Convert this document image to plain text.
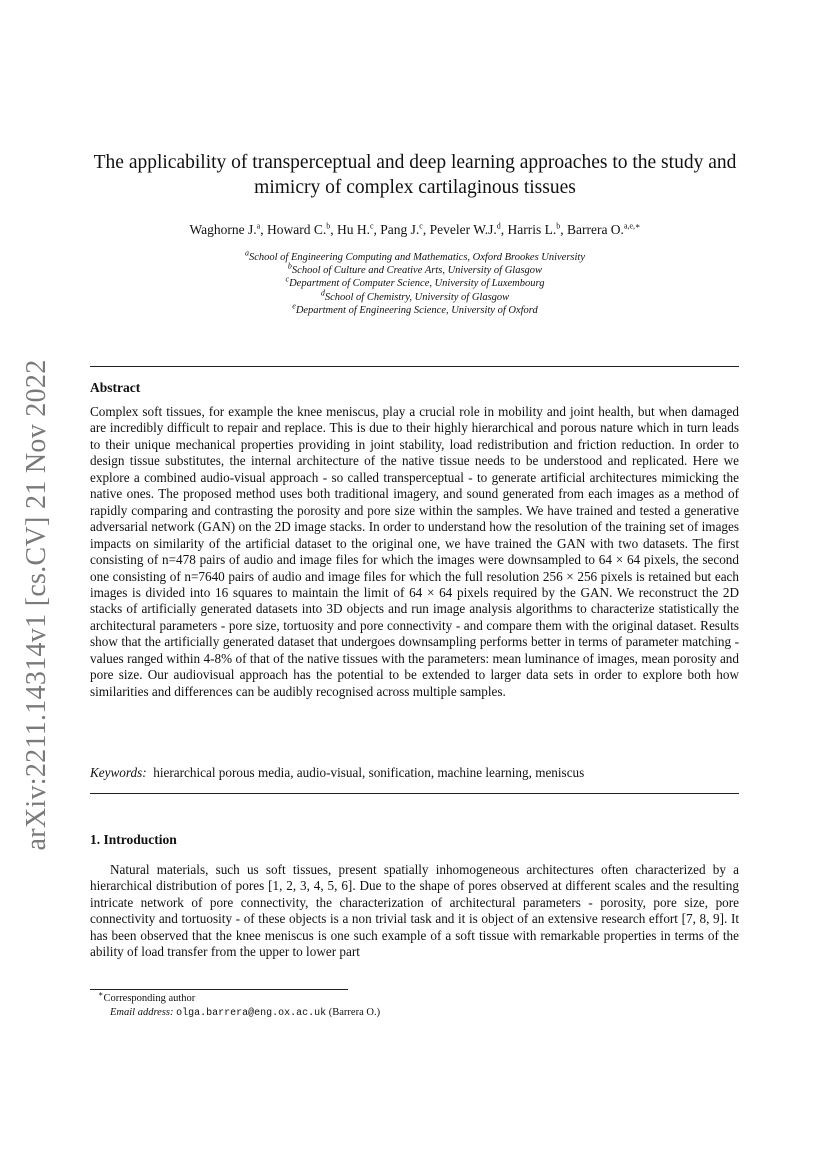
arXiv:2211.14314v1 [cs.CV] 21 Nov 2022
The applicability of transperceptual and deep learning approaches to the study and mimicry of complex cartilaginous tissues
Waghorne J.$^a$, Howard C.$^b$, Hu H.$^c$, Pang J.$^c$, Peveler W.J.$^d$, Harris L.$^b$, Barrera O.$^{a,e,∗}$
$^a$School of Engineering Computing and Mathematics, Oxford Brookes University
$^b$School of Culture and Creative Arts, University of Glasgow
$^c$Department of Computer Science, University of Luxembourg
$^d$School of Chemistry, University of Glasgow
$^e$Department of Engineering Science, University of Oxford
Abstract
Complex soft tissues, for example the knee meniscus, play a crucial role in mobility and joint health, but when damaged are incredibly difficult to repair and replace. This is due to their highly hierarchical and porous nature which in turn leads to their unique mechanical properties providing in joint stability, load redistribution and friction reduction. In order to design tissue substitutes, the internal architecture of the native tissue needs to be understood and replicated. Here we explore a combined audio-visual approach - so called transperceptual - to generate artificial architectures mimicking the native ones. The proposed method uses both traditional imagery, and sound generated from each images as a method of rapidly comparing and contrasting the porosity and pore size within the samples. We have trained and tested a generative adversarial network (GAN) on the 2D image stacks. In order to understand how the resolution of the training set of images impacts on similarity of the artificial dataset to the original one, we have trained the GAN with two datasets. The first consisting of n=478 pairs of audio and image files for which the images were downsampled to 64 × 64 pixels, the second one consisting of n=7640 pairs of audio and image files for which the full resolution 256 × 256 pixels is retained but each images is divided into 16 squares to maintain the limit of 64 × 64 pixels required by the GAN. We reconstruct the 2D stacks of artificially generated datasets into 3D objects and run image analysis algorithms to characterize statistically the architectural parameters - pore size, tortuosity and pore connectivity - and compare them with the original dataset. Results show that the artificially generated dataset that undergoes downsampling performs better in terms of parameter matching - values ranged within 4-8% of that of the native tissues with the parameters: mean luminance of images, mean porosity and pore size. Our audiovisual approach has the potential to be extended to larger data sets in order to explore both how similarities and differences can be audibly recognised across multiple samples.
Keywords: hierarchical porous media, audio-visual, sonification, machine learning, meniscus
1. Introduction
Natural materials, such us soft tissues, present spatially inhomogeneous architectures often characterized by a hierarchical distribution of pores [1, 2, 3, 4, 5, 6]. Due to the shape of pores observed at different scales and the resulting intricate network of pore connectivity, the characterization of architectural parameters - porosity, pore size, pore connectivity and tortuosity - of these objects is a non trivial task and it is object of an extensive research effort [7, 8, 9]. It has been observed that the knee meniscus is one such example of a soft tissue with remarkable properties in terms of the ability of load transfer from the upper to lower part
∗Corresponding author
Email address: olga.barrera@eng.ox.ac.uk (Barrera O.)
